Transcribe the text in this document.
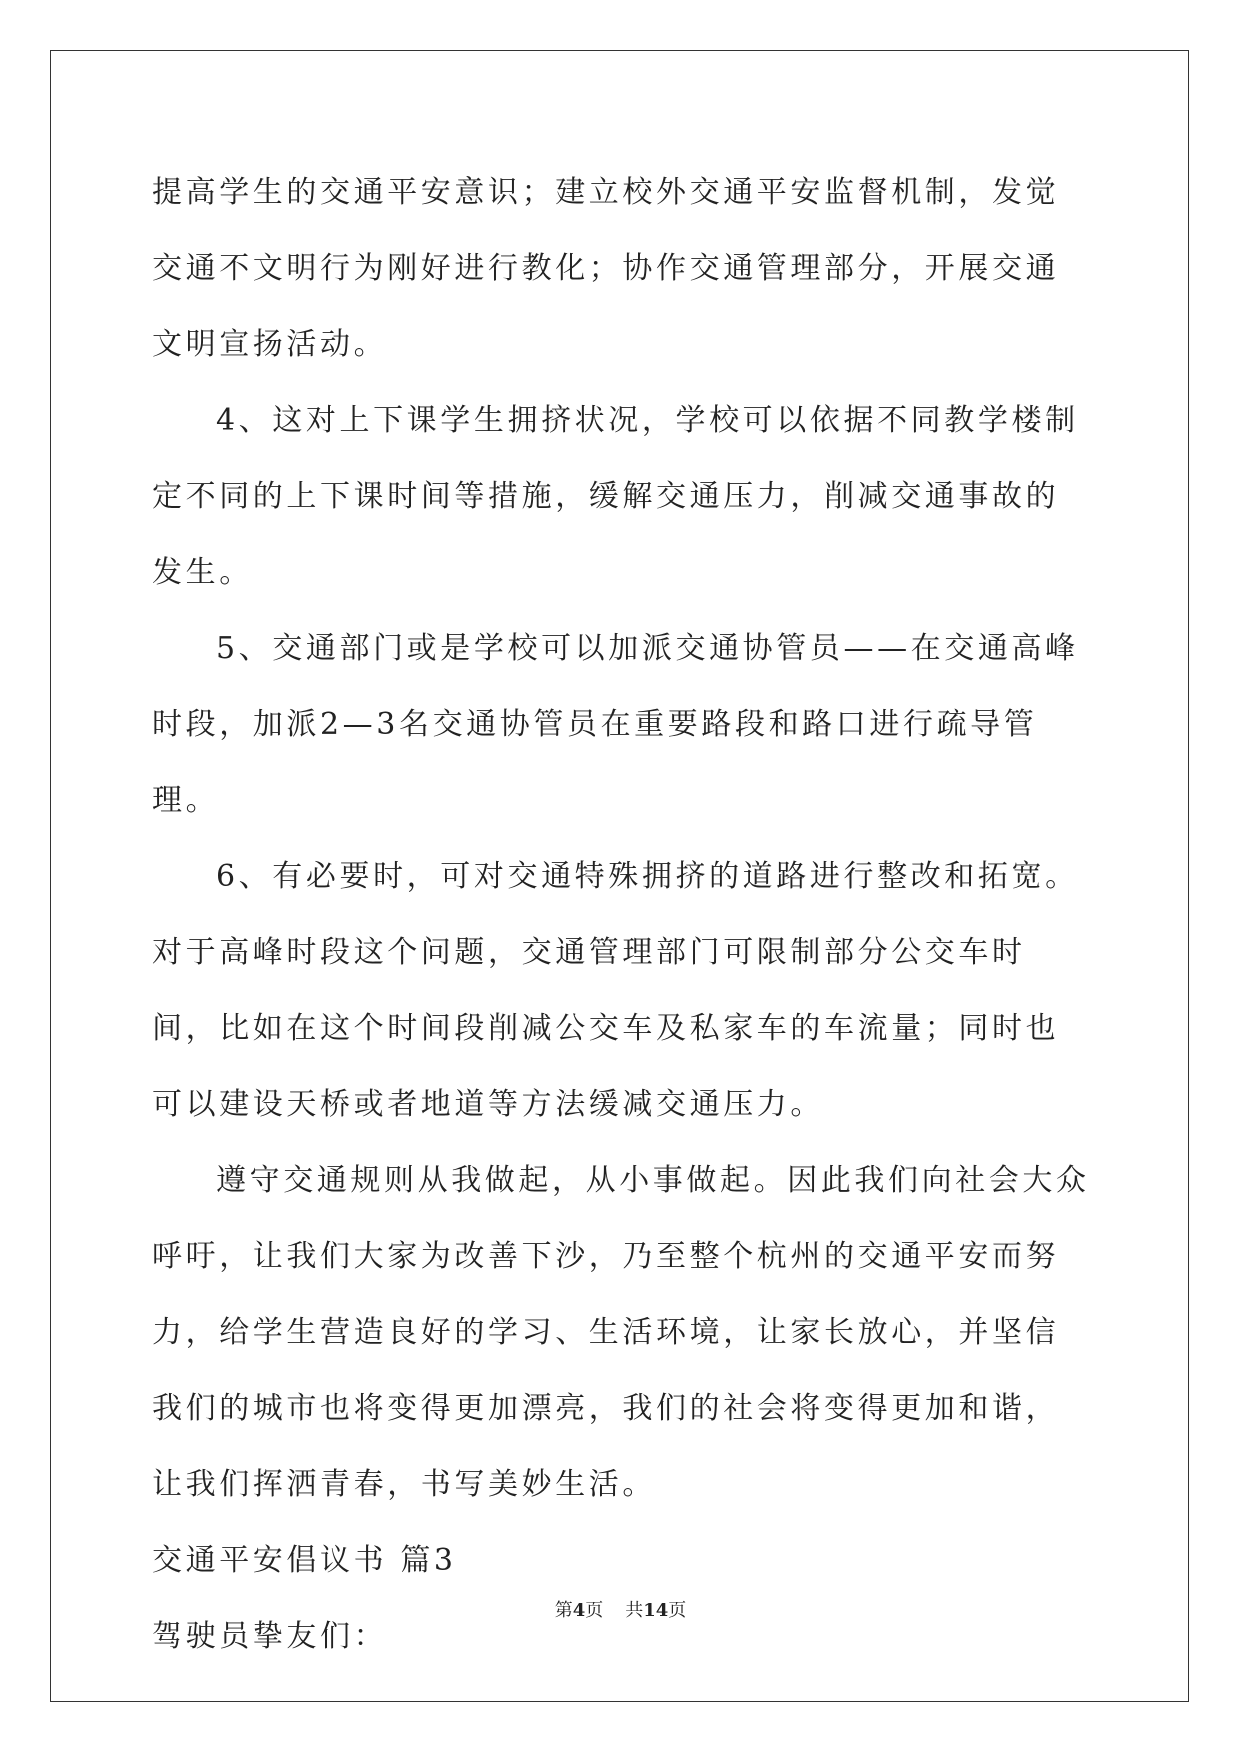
提高学生的交通平安意识；建立校外交通平安监督机制，发觉交通不文明行为刚好进行教化；协作交通管理部分，开展交通文明宣扬活动。

4、这对上下课学生拥挤状况，学校可以依据不同教学楼制定不同的上下课时间等措施，缓解交通压力，削减交通事故的发生。

5、交通部门或是学校可以加派交通协管员——在交通高峰时段，加派2—3名交通协管员在重要路段和路口进行疏导管理。

6、有必要时，可对交通特殊拥挤的道路进行整改和拓宽。对于高峰时段这个问题，交通管理部门可限制部分公交车时间，比如在这个时间段削减公交车及私家车的车流量；同时也可以建设天桥或者地道等方法缓减交通压力。

遵守交通规则从我做起，从小事做起。因此我们向社会大众呼吁，让我们大家为改善下沙，乃至整个杭州的交通平安而努力，给学生营造良好的学习、生活环境，让家长放心，并坚信我们的城市也将变得更加漂亮，我们的社会将变得更加和谐，让我们挥洒青春，书写美妙生活。

交通平安倡议书 篇3

驾驶员挚友们：

第4页 共14页
